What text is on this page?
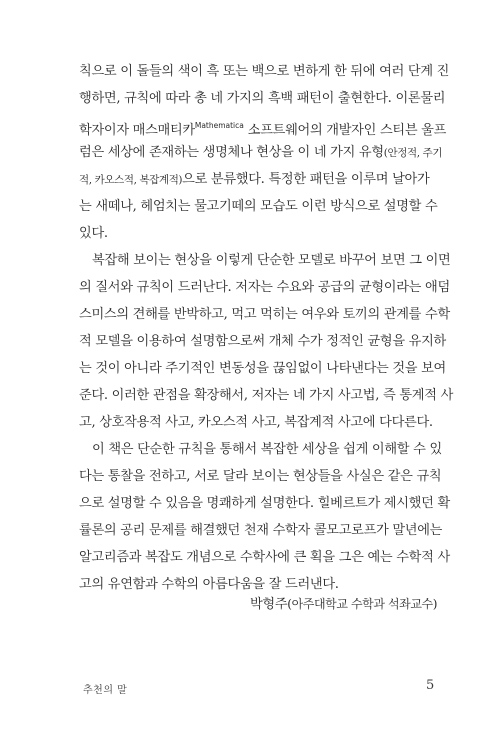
칙으로 이 돌들의 색이 흑 또는 백으로 변하게 한 뒤에 여러 단계 진
행하면, 규칙에 따라 총 네 가지의 흑백 패턴이 출현한다. 이론물리
학자이자 매스매티카$^{Mathematica}$ 소프트웨어의 개발자인 스티븐 울프
럼은 세상에 존재하는 생명체나 현상을 이 네 가지 유형(안정적, 주기
적, 카오스적, 복잡계적)으로 분류했다. 특정한 패턴을 이루며 날아가
는 새떼나, 헤엄치는 물고기떼의 모습도 이런 방식으로 설명할 수
있다.
복잡해 보이는 현상을 이렇게 단순한 모델로 바꾸어 보면 그 이면
의 질서와 규칙이 드러난다. 저자는 수요와 공급의 균형이라는 애덤
스미스의 견해를 반박하고, 먹고 먹히는 여우와 토끼의 관계를 수학
적 모델을 이용하여 설명함으로써 개체 수가 정적인 균형을 유지하
는 것이 아니라 주기적인 변동성을 끊임없이 나타낸다는 것을 보여
준다. 이러한 관점을 확장해서, 저자는 네 가지 사고법, 즉 통계적 사
고, 상호작용적 사고, 카오스적 사고, 복잡계적 사고에 다다른다.
이 책은 단순한 규칙을 통해서 복잡한 세상을 쉽게 이해할 수 있
다는 통찰을 전하고, 서로 달라 보이는 현상들을 사실은 같은 규칙
으로 설명할 수 있음을 명쾌하게 설명한다. 힐베르트가 제시했던 확
률론의 공리 문제를 해결했던 천재 수학자 콜모고로프가 말년에는
알고리즘과 복잡도 개념으로 수학사에 큰 획을 그은 예는 수학적 사
고의 유연함과 수학의 아름다움을 잘 드러낸다.
박형주(아주대학교 수학과 석좌교수)
추천의 말	5
